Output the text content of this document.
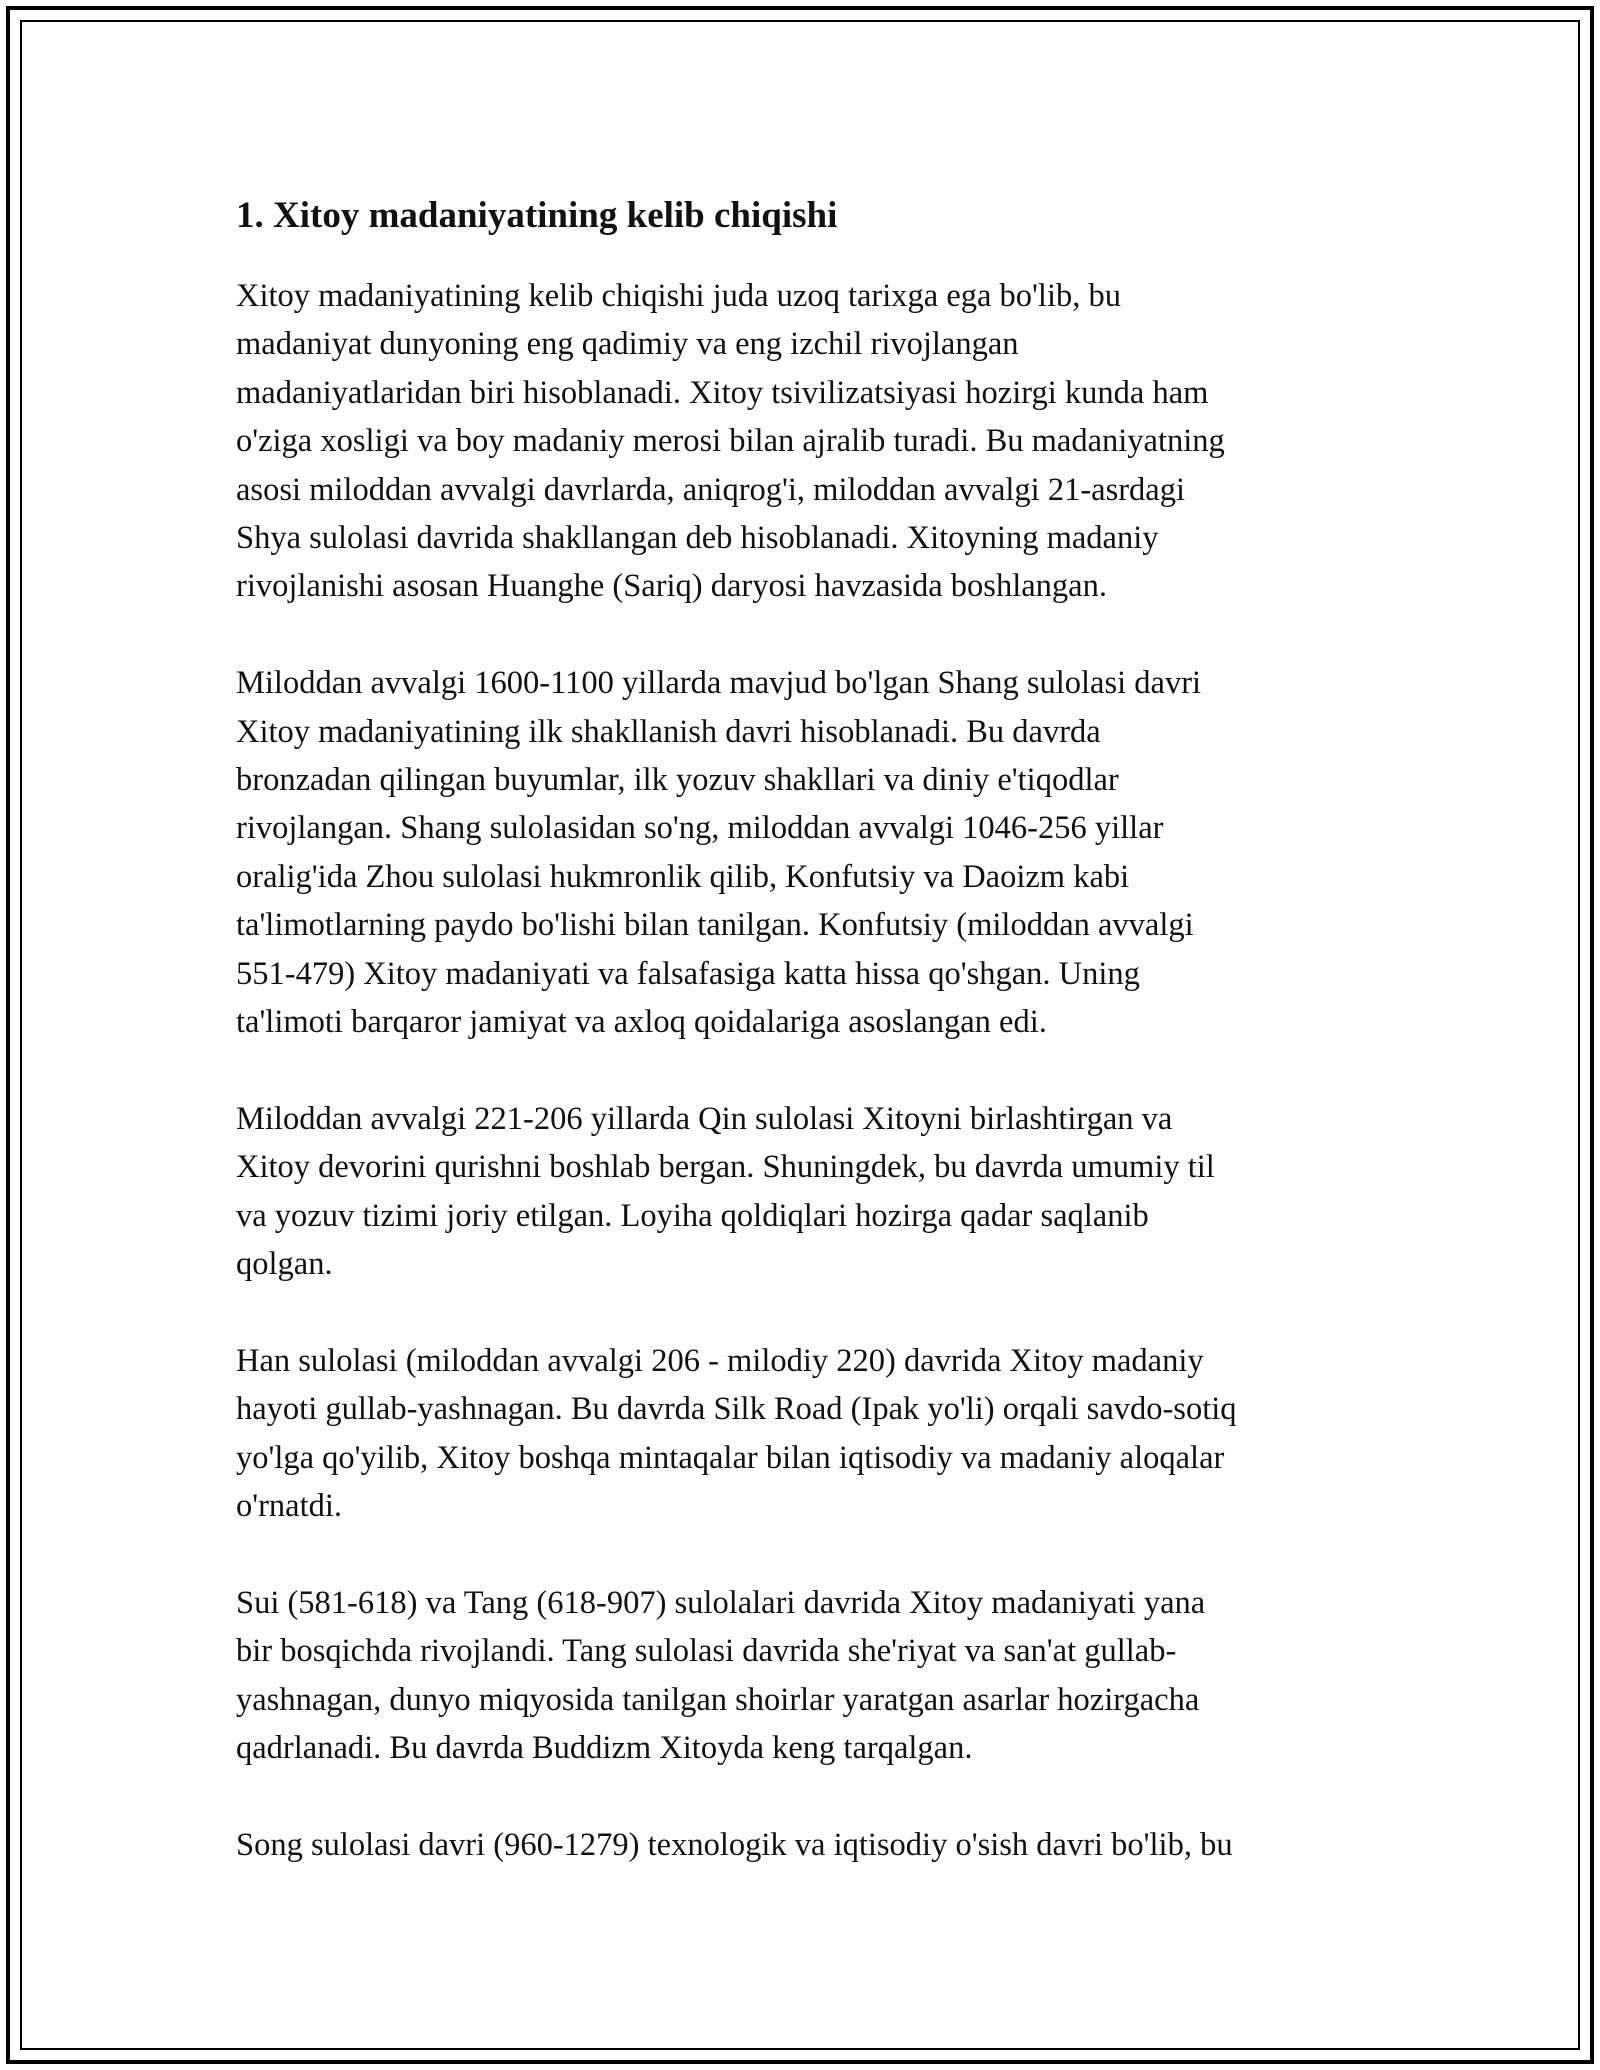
1. Xitoy madaniyatining kelib chiqishi
Xitoy madaniyatining kelib chiqishi juda uzoq tarixga ega bo'lib, bu
madaniyat dunyoning eng qadimiy va eng izchil rivojlangan
madaniyatlaridan biri hisoblanadi. Xitoy tsivilizatsiyasi hozirgi kunda ham
o'ziga xosligi va boy madaniy merosi bilan ajralib turadi. Bu madaniyatning
asosi miloddan avvalgi davrlarda, aniqrog'i, miloddan avvalgi 21-asrdagi
Shya sulolasi davrida shakllangan deb hisoblanadi. Xitoyning madaniy
rivojlanishi asosan Huanghe (Sariq) daryosi havzasida boshlangan.
Miloddan avvalgi 1600-1100 yillarda mavjud bo'lgan Shang sulolasi davri
Xitoy madaniyatining ilk shakllanish davri hisoblanadi. Bu davrda
bronzadan qilingan buyumlar, ilk yozuv shakllari va diniy e'tiqodlar
rivojlangan. Shang sulolasidan so'ng, miloddan avvalgi 1046-256 yillar
oralig'ida Zhou sulolasi hukmronlik qilib, Konfutsiy va Daoizm kabi
ta'limotlarning paydo bo'lishi bilan tanilgan. Konfutsiy (miloddan avvalgi
551-479) Xitoy madaniyati va falsafasiga katta hissa qo'shgan. Uning
ta'limoti barqaror jamiyat va axloq qoidalariga asoslangan edi.
Miloddan avvalgi 221-206 yillarda Qin sulolasi Xitoyni birlashtirgan va
Xitoy devorini qurishni boshlab bergan. Shuningdek, bu davrda umumiy til
va yozuv tizimi joriy etilgan. Loyiha qoldiqlari hozirga qadar saqlanib
qolgan.
Han sulolasi (miloddan avvalgi 206 - milodiy 220) davrida Xitoy madaniy
hayoti gullab-yashnagan. Bu davrda Silk Road (Ipak yo'li) orqali savdo-sotiq
yo'lga qo'yilib, Xitoy boshqa mintaqalar bilan iqtisodiy va madaniy aloqalar
o'rnatdi.
Sui (581-618) va Tang (618-907) sulolalari davrida Xitoy madaniyati yana
bir bosqichda rivojlandi. Tang sulolasi davrida she'riyat va san'at gullab-
yashnagan, dunyo miqyosida tanilgan shoirlar yaratgan asarlar hozirgacha
qadrlanadi. Bu davrda Buddizm Xitoyda keng tarqalgan.
Song sulolasi davri (960-1279) texnologik va iqtisodiy o'sish davri bo'lib, bu
